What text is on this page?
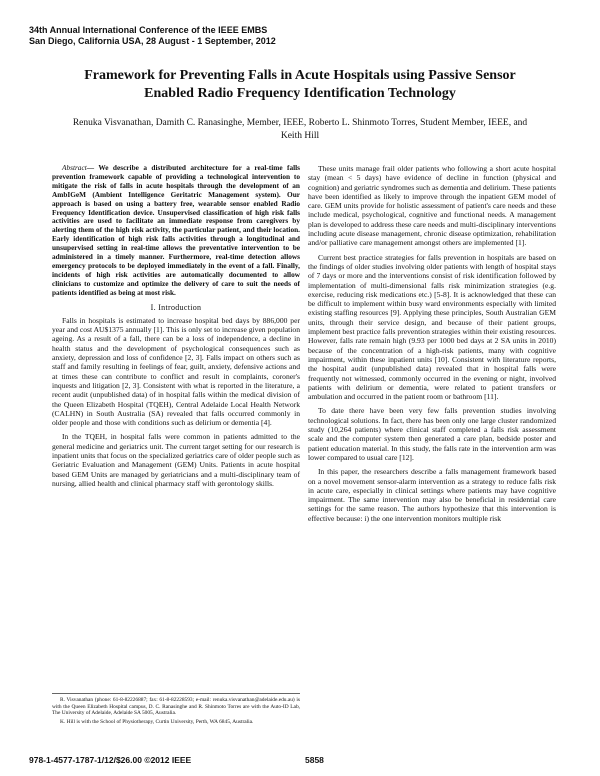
34th Annual International Conference of the IEEE EMBS
San Diego, California USA, 28 August - 1 September, 2012
Framework for Preventing Falls in Acute Hospitals using Passive Sensor Enabled Radio Frequency Identification Technology
Renuka Visvanathan, Damith C. Ranasinghe, Member, IEEE, Roberto L. Shinmoto Torres, Student Member, IEEE, and Keith Hill

Abstract— We describe a distributed architecture for a real-time falls prevention framework capable of providing a technological intervention to mitigate the risk of falls in acute hospitals through the development of an AmbIGeM (Ambient Intelligence Geritatric Management system). Our approach is based on using a battery free, wearable sensor enabled Radio Frequency Identification device. Unsupervised classification of high risk falls activities are used to facilitate an immediate response from caregivers by alerting them of the high risk activity, the particular patient, and their location. Early identification of high risk falls activities through a longitudinal and unsupervised setting in real-time allows the preventative intervention to be administered in a timely manner. Furthermore, real-time detection allows emergency protocols to be deployed immediately in the event of a fall. Finally, incidents of high risk activities are automatically documented to allow clinicians to customize and optimize the delivery of care to suit the needs of patients identified as being at most risk.

I. Introduction

Falls in hospitals is estimated to increase hospital bed days by 886,000 per year and cost AU$1375 annually [1]. This is only set to increase given population ageing. As a result of a fall, there can be a loss of independence, a decline in health status and the development of psychological consequences such as anxiety, depression and loss of confidence [2, 3]. Falls impact on others such as staff and family resulting in feelings of fear, guilt, anxiety, defensive actions and at times these can contribute to conflict and result in complaints, coroner's inquests and litigation [2, 3]. Consistent with what is reported in the literature, a recent audit (unpublished data) of in hospital falls within the medical division of the Queen Elizabeth Hospital (TQEH), Central Adelaide Local Health Network (CALHN) in South Australia (SA) revealed that falls occurred commonly in older people and those with conditions such as delirium or dementia [4].

In the TQEH, in hospital falls were common in patients admitted to the general medicine and geriatrics unit. The current target setting for our research is inpatient units that focus on the specialized geriatrics care of older people such as Geriatric Evaluation and Management (GEM) Units. Patients in acute hospital based GEM Units are managed by geriatricians and a multi-disciplinary team of nursing, allied health and clinical pharmacy staff with gerontology skills.

R. Visvanathan (phone: 61-8-82226887; fax: 61-8-82228593; e-mail: renuka.visvanathan@adelaide.edu.au) is with the Queen Elizabeth Hospital campus, D. C. Ranasinghe and R. Shinmoto Torres are with the Auto-ID Lab, The University of Adelaide, Adelaide SA 5005, Australia.

K. Hill is with the School of Physiotherapy, Curtin University, Perth, WA 6845, Australia.

These units manage frail older patients who following a short acute hospital stay (mean < 5 days) have evidence of decline in function (physical and cognition) and geriatric syndromes such as dementia and delirium. These patients have been identified as likely to improve through the inpatient GEM model of care. GEM units provide for holistic assessment of patient's care needs and these include medical, psychological, cognitive and functional needs. A management plan is developed to address these care needs and multi-disciplinary interventions including acute disease management, chronic disease optimization, rehabilitation and/or palliative care management amongst others are implemented [1].

Current best practice strategies for falls prevention in hospitals are based on the findings of older studies involving older patients with length of hospital stays of 7 days or more and the interventions consist of risk identification followed by implementation of multi-dimensional falls risk minimization strategies (e.g. exercise, reducing risk medications etc.) [5-8]. It is acknowledged that these can be difficult to implement within busy ward environments especially with limited existing staffing resources [9]. Applying these principles, South Australian GEM units, through their service design, and because of their patient groups, implement best practice falls prevention strategies within their existing resources. However, falls rate remain high (9.93 per 1000 bed days at 2 SA units in 2010) because of the concentration of a high-risk patients, many with cognitive impairment, within these inpatient units [10]. Consistent with literature reports, the hospital audit (unpublished data) revealed that in hospital falls were frequently not witnessed, commonly occurred in the evening or night, involved patients with delirium or dementia, were related to patient transfers or ambulation and occurred in the patient room or bathroom [11].

To date there have been very few falls prevention studies involving technological solutions. In fact, there has been only one large cluster randomized study (10,264 patients) where clinical staff completed a falls risk assessment scale and the computer system then generated a care plan, bedside poster and patient education material. In this study, the falls rate in the intervention arm was lower compared to usual care [12].

In this paper, the researchers describe a falls management framework based on a novel movement sensor-alarm intervention as a strategy to reduce falls risk in acute care, especially in clinical settings where patients may have cognitive impairment. The same intervention may also be beneficial in residential care settings for the same reason. The authors hypothesize that this intervention is effective because: i) the one intervention monitors multiple risk

978-1-4577-1787-1/12/$26.00 ©2012 IEEE	5858
